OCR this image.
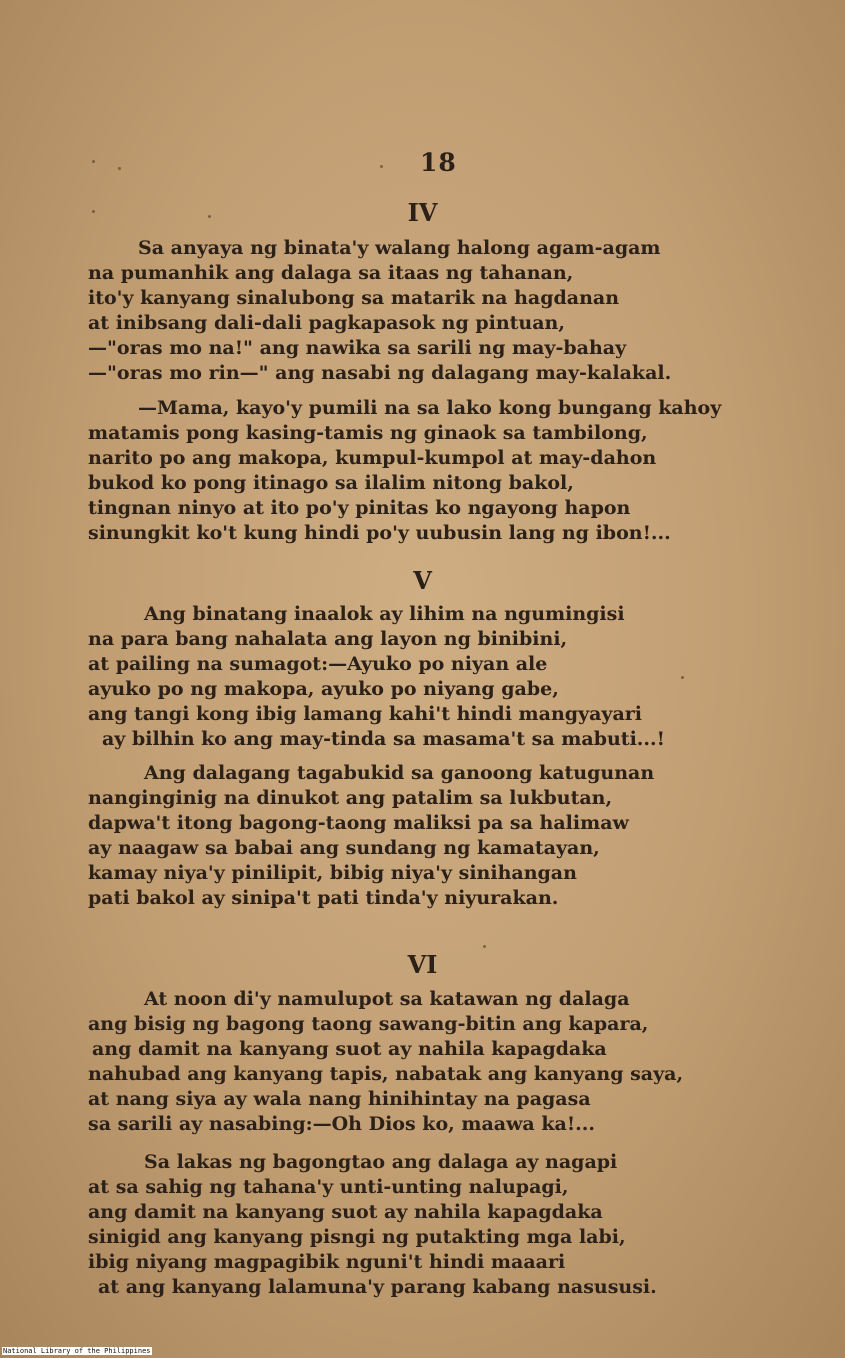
18
IV
Sa anyaya ng binata'y walang halong agam-agam
na pumanhik ang dalaga sa itaas ng tahanan,
ito'y kanyang sinalubong sa matarik na hagdanan
at inibsang dali-dali pagkapasok ng pintuan,
—"oras mo na!" ang nawika sa sarili ng may-bahay
—"oras mo rin—" ang nasabi ng dalagang may-kalakal.
—Mama, kayo'y pumili na sa lako kong bungang kahoy
matamis pong kasing-tamis ng ginaok sa tambilong,
narito po ang makopa, kumpul-kumpol at may-dahon
bukod ko pong itinago sa ilalim nitong bakol,
tingnan ninyo at ito po'y pinitas ko ngayong hapon
sinungkit ko't kung hindi po'y uubusin lang ng ibon!...
V
Ang binatang inaalok ay lihim na ngumingisi
na para bang nahalata ang layon ng binibini,
at pailing na sumagot:—Ayuko po niyan ale
ayuko po ng makopa, ayuko po niyang gabe,
ang tangi kong ibig lamang kahi't hindi mangyayari
ay bilhin ko ang may-tinda sa masama't sa mabuti...!
Ang dalagang tagabukid sa ganoong katugunan
nanginginig na dinukot ang patalim sa lukbutan,
dapwa't itong bagong-taong maliksi pa sa halimaw
ay naagaw sa babai ang sundang ng kamatayan,
kamay niya'y pinilipit, bibig niya'y sinihangan
pati bakol ay sinipa't pati tinda'y niyurakan.
VI
At noon di'y namulupot sa katawan ng dalaga
ang bisig ng bagong taong sawang-bitin ang kapara,
ang damit na kanyang suot ay nahila kapagdaka
nahubad ang kanyang tapis, nabatak ang kanyang saya,
at nang siya ay wala nang hinihintay na pagasa
sa sarili ay nasabing:—Oh Dios ko, maawa ka!...
Sa lakas ng bagongtao ang dalaga ay nagapi
at sa sahig ng tahana'y unti-unting nalupagi,
ang damit na kanyang suot ay nahila kapagdaka
sinigid ang kanyang pisngi ng putakting mga labi,
ibig niyang magpagibik nguni't hindi maaari
at ang kanyang lalamuna'y parang kabang nasususi.
National Library of the Philippines
